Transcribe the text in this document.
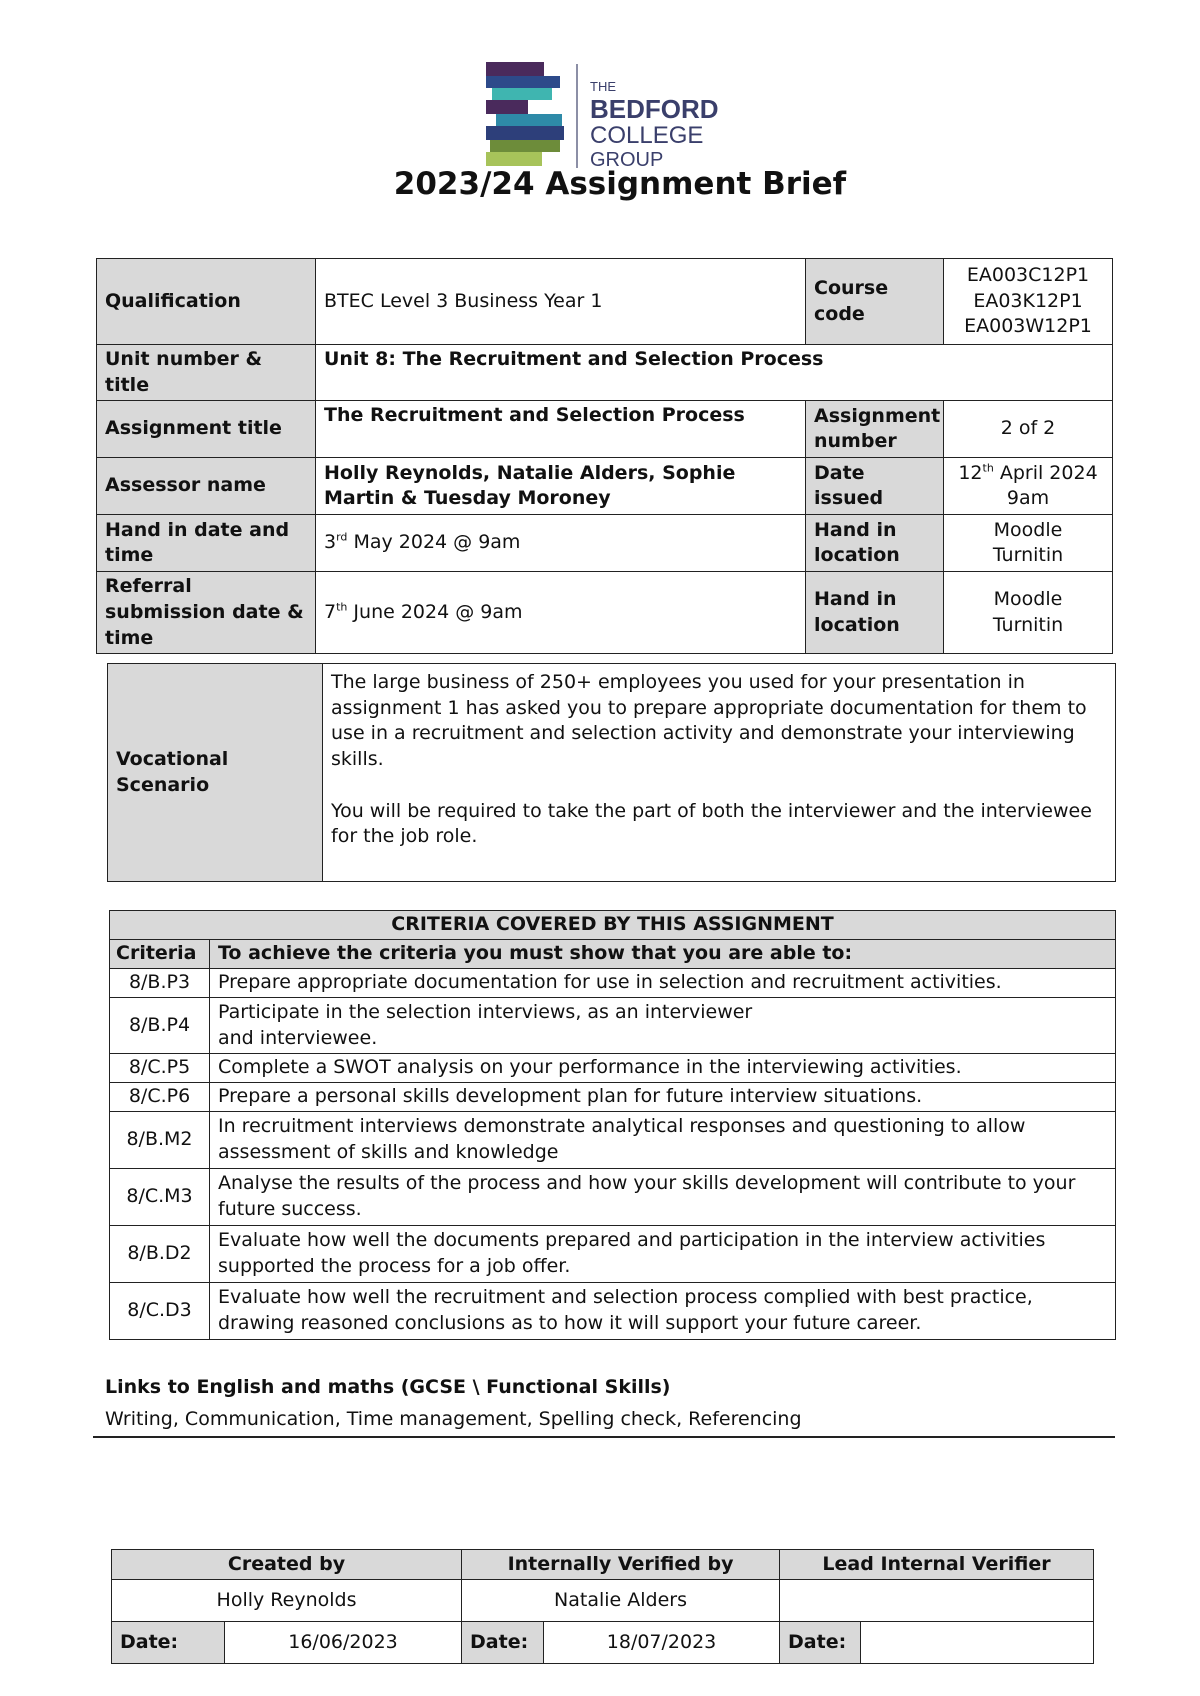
THE
BEDFORD
COLLEGE
GROUP
2023/24 Assignment Brief
Qualification	BTEC Level 3 Business Year 1	Course code	EA003C12P1
EA03K12P1
EA003W12P1

Unit number & title	Unit 8: The Recruitment and Selection Process		
Assignment title	The Recruitment and Selection Process	Assignment number	2 of 2
Assessor name	Holly Reynolds, Natalie Alders, Sophie Martin & Tuesday Moroney	Date issued	12th April 2024
9am

Hand in date and time	3rd May 2024 @ 9am	Hand in location	Moodle
Turnitin

Referral submission date & time	7th June 2024 @ 9am	Hand in location	Moodle
Turnitin
Vocational Scenario	
The large business of 250+ employees you used for your presentation in assignment 1 has asked you to prepare appropriate documentation for them to use in a recruitment and selection activity and demonstrate your interviewing skills.
You will be required to take the part of both the interviewer and the interviewee for the job role.
CRITERIA COVERED BY THIS ASSIGNMENT	
Criteria	To achieve the criteria you must show that you are able to:
8/B.P3	Prepare appropriate documentation for use in selection and recruitment activities.
8/B.P4	Participate in the selection interviews, as an interviewer and interviewee.

8/C.P5	Complete a SWOT analysis on your performance in the interviewing activities.
8/C.P6	Prepare a personal skills development plan for future interview situations.
8/B.M2	In recruitment interviews demonstrate analytical responses and questioning to allow assessment of skills and knowledge
8/C.M3	Analyse the results of the process and how your skills development will contribute to your future success.
8/B.D2	Evaluate how well the documents prepared and participation in the interview activities supported the process for a job offer.
8/C.D3	Evaluate how well the recruitment and selection process complied with best practice, drawing reasoned conclusions as to how it will support your future career.
Links to English and maths (GCSE \ Functional Skills)
Writing, Communication, Time management, Spelling check, Referencing
Created by		Internally Verified by		Lead Internal Verifier	
Holly Reynolds		Natalie Alders			
Date:	16/06/2023	Date:	18/07/2023	Date:	
